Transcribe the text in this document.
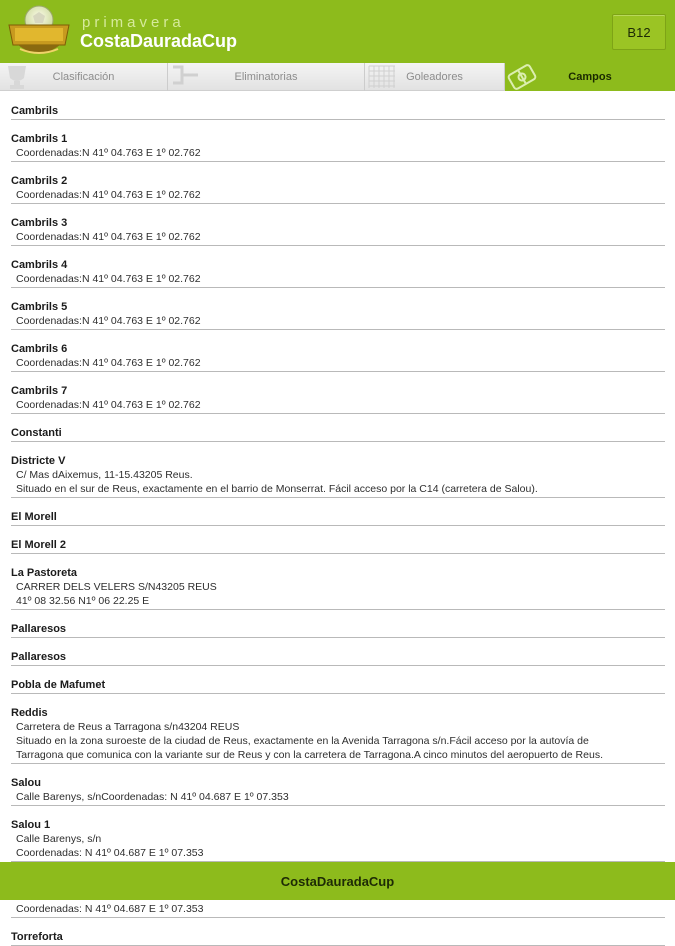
primavera
CostaDauradaCup	B12
Clasificación	Eliminatorias	Goleadores	Campos
Cambrils
Cambrils 1
Coordenadas:N 41º 04.763 E 1º 02.762
Cambrils 2
Coordenadas:N 41º 04.763 E 1º 02.762
Cambrils 3
Coordenadas:N 41º 04.763 E 1º 02.762
Cambrils 4
Coordenadas:N 41º 04.763 E 1º 02.762
Cambrils 5
Coordenadas:N 41º 04.763 E 1º 02.762
Cambrils 6
Coordenadas:N 41º 04.763 E 1º 02.762
Cambrils 7
Coordenadas:N 41º 04.763 E 1º 02.762
Constanti
Districte V
C/ Mas dAixemus, 11-15.43205 Reus.
Situado en el sur de Reus, exactamente en el barrio de Monserrat. Fácil acceso por la C14 (carretera de Salou).
El Morell
El Morell 2
La Pastoreta
CARRER DELS VELERS S/N43205 REUS
41º 08 32.56 N1º 06 22.25 E
Pallaresos
Pallaresos
Pobla de Mafumet
Reddis
Carretera de Reus a Tarragona s/n43204 REUS
Situado en la zona suroeste de la ciudad de Reus, exactamente en la Avenida Tarragona s/n.Fácil acceso por la autovía de
Tarragona que comunica con la variante sur de Reus y con la carretera de Tarragona.A cinco minutos del aeropuerto de Reus.
Salou
Calle Barenys, s/nCoordenadas: N 41º 04.687 E 1º 07.353
Salou 1
Calle Barenys, s/n
Coordenadas: N 41º 04.687 E 1º 07.353
Coordenadas: N 41º 04.687 E 1º 07.353
Torreforta
CostaDauradaCup
